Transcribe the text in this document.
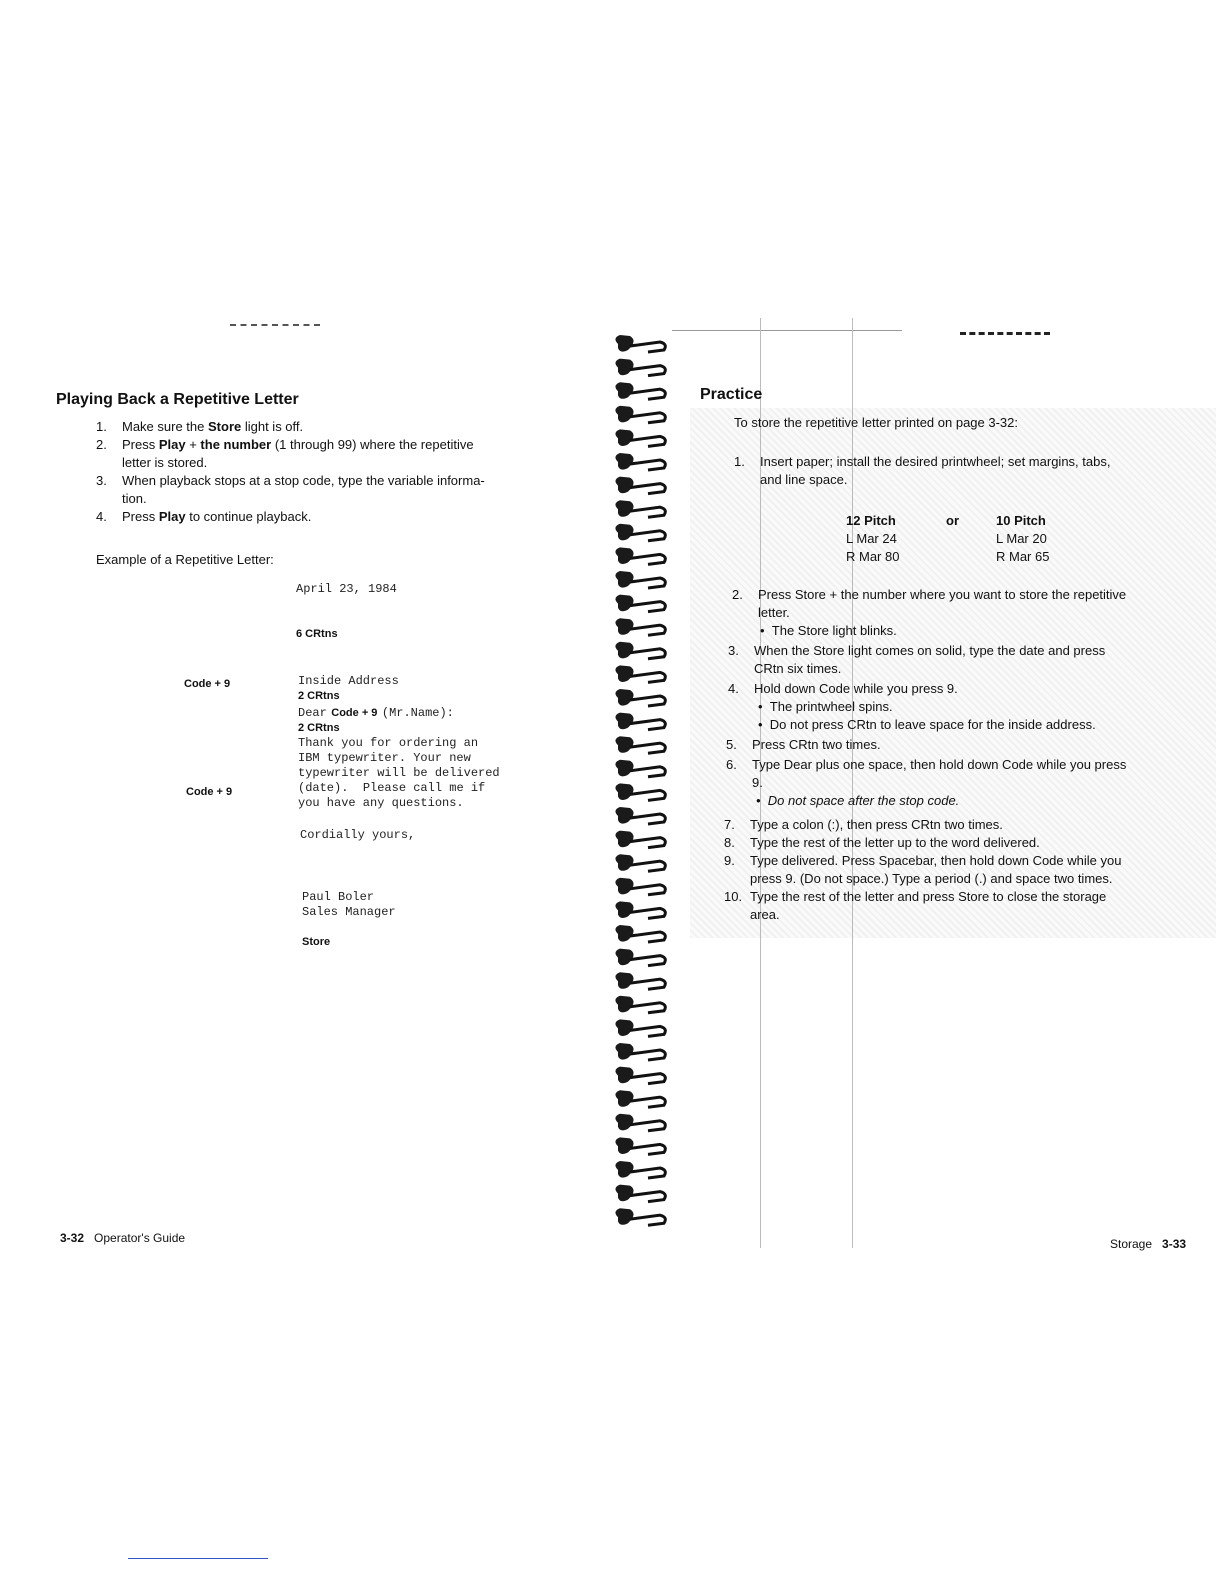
Playing Back a Repetitive Letter
1. Make sure the Store light is off.
2. Press Play + the number (1 through 99) where the repetitive
letter is stored.
3. When playback stops at a stop code, type the variable informa-
tion.
4. Press Play to continue playback.
Example of a Repetitive Letter:
April 23, 1984
6 CRtns
Code + 9	Inside Address
2 CRtns
Dear Code + 9 (Mr.Name):
2 CRtns
Thank you for ordering an
IBM typewriter. Your new
typewriter will be delivered
(date).  Please call me if
you have any questions.
Code + 9
Cordially yours,
Paul Boler
Sales Manager
Store
3-32 Operator's Guide
Practice
To store the repetitive letter printed on page 3-32:
1. Insert paper; install the desired printwheel; set margins, tabs,
and line space.
12 Pitch
L Mar 24
R Mar 80
or	10 Pitch
L Mar 20
R Mar 65
2. Press Store + the number where you want to store the repetitive
letter.
•  The Store light blinks.
3. When the Store light comes on solid, type the date and press
CRtn six times.
4. Hold down Code while you press 9.
•  The printwheel spins.
•  Do not press CRtn to leave space for the inside address.
5. Press CRtn two times.
6. Type Dear plus one space, then hold down Code while you press
9.
•  Do not space after the stop code.
7. Type a colon (:), then press CRtn two times.
8. Type the rest of the letter up to the word delivered.
9. Type delivered. Press Spacebar, then hold down Code while you
press 9. (Do not space.) Type a period (.) and space two times.
10. Type the rest of the letter and press Store to close the storage
area.
Storage 3-33
